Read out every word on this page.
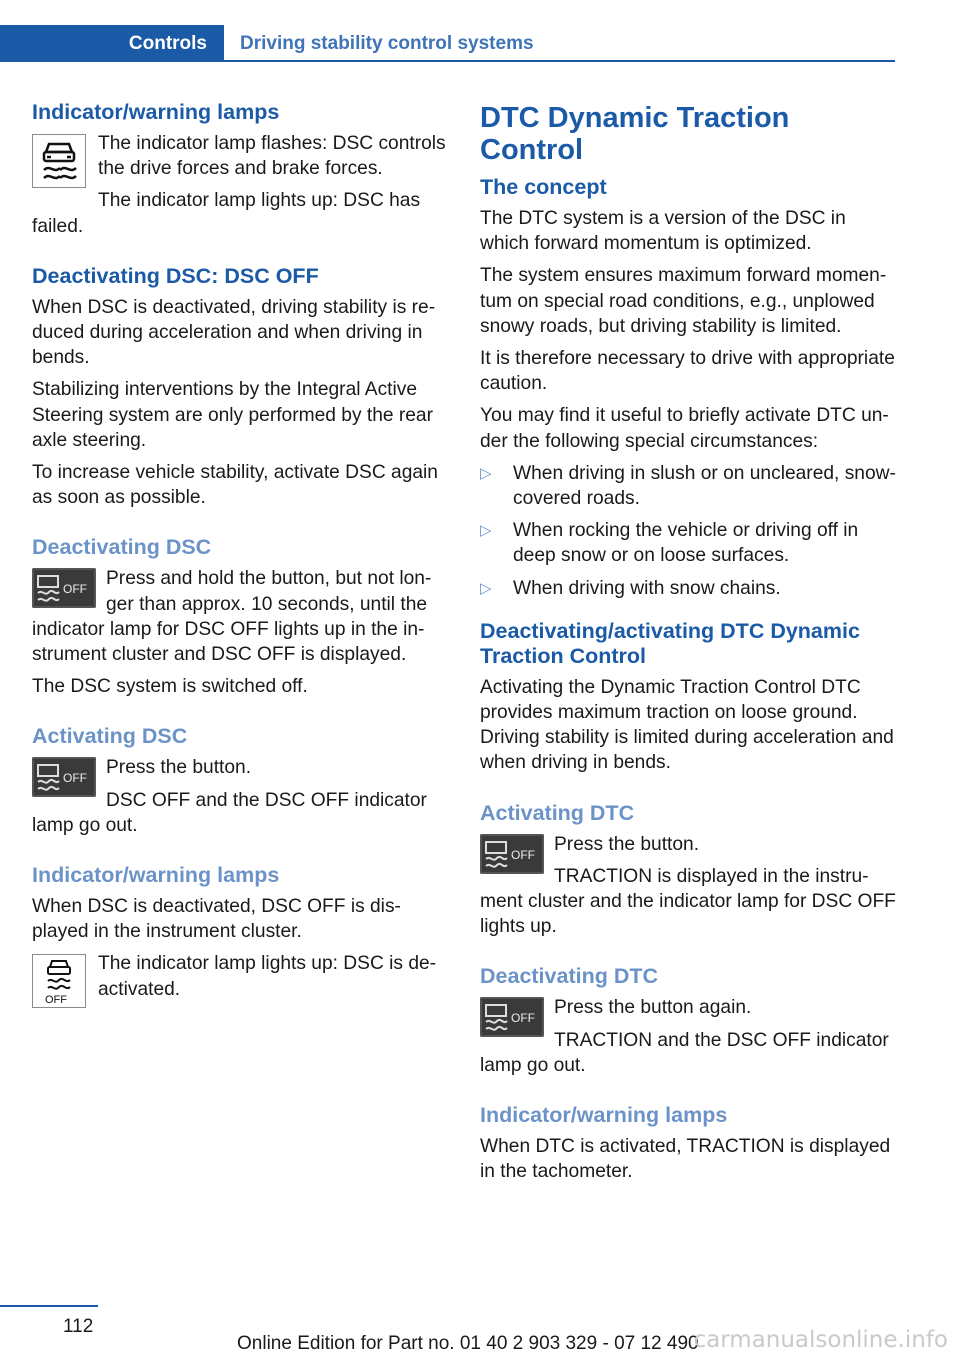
Controls	Driving stability control systems
Indicator/warning lamps

The indicator lamp flashes: DSC controls the drive forces and brake forces.

The indicator lamp lights up: DSC has failed.

Deactivating DSC: DSC OFF

When DSC is deactivated, driving stability is reduced during acceleration and when driving in bends.

Stabilizing interventions by the Integral Active Steering system are only performed by the rear axle steering.

To increase vehicle stability, activate DSC again as soon as possible.

Deactivating DSC
OFF Press and hold the button, but not longer than approx. 10 seconds, until the indicator lamp for DSC OFF lights up in the instrument cluster and DSC OFF is displayed.

The DSC system is switched off.

Activating DSC
OFF Press the button.

DSC OFF and the DSC OFF indicator lamp go out.

Indicator/warning lamps

When DSC is deactivated, DSC OFF is displayed in the instrument cluster.

OFF

The indicator lamp lights up: DSC is deactivated.

DTC Dynamic Traction Control
The concept

The DTC system is a version of the DSC in which forward momentum is optimized.

The system ensures maximum forward momentum on special road conditions, e.g., unplowed snowy roads, but driving stability is limited.

It is therefore necessary to drive with appropriate caution.

You may find it useful to briefly activate DTC under the following special circumstances:

▷ When driving in slush or on uncleared, snow-covered roads.
▷ When rocking the vehicle or driving off in deep snow or on loose surfaces.
▷ When driving with snow chains.
Deactivating/activating DTC Dynamic Traction Control

Activating the Dynamic Traction Control DTC provides maximum traction on loose ground. Driving stability is limited during acceleration and when driving in bends.

Activating DTC
OFF Press the button.

TRACTION is displayed in the instrument cluster and the indicator lamp for DSC OFF lights up.

Deactivating DTC
OFF Press the button again.

TRACTION and the DSC OFF indicator lamp go out.

Indicator/warning lamps

When DTC is activated, TRACTION is displayed in the tachometer.

112
Online Edition for Part no. 01 40 2 903 329 - 07 12 490
carmanualsonline.info
